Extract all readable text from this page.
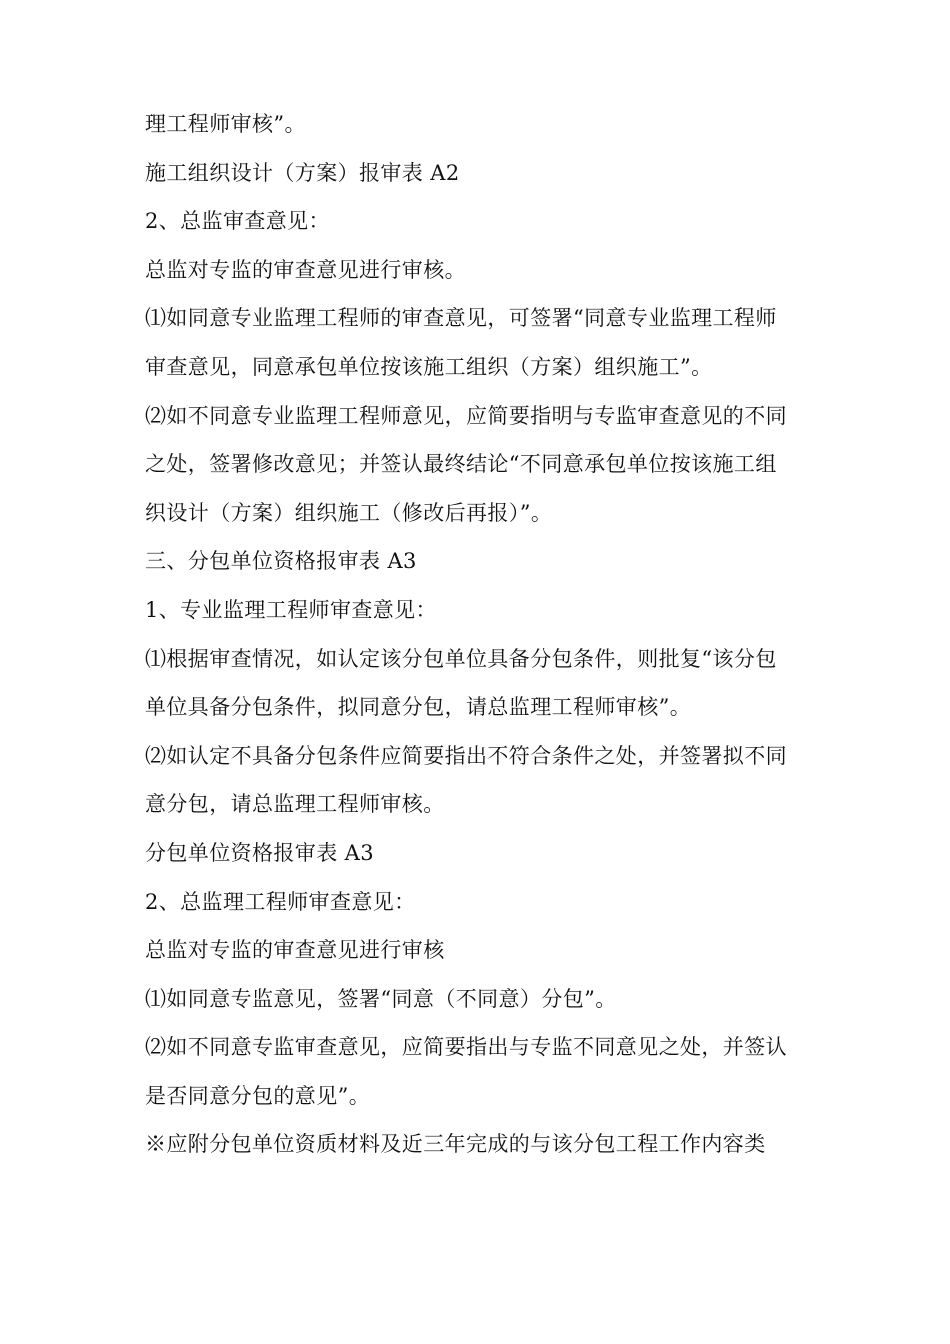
理工程师审核”。
施工组织设计（方案）报审表 A2
2、总监审查意见：
总监对专监的审查意见进行审核。
⑴如同意专业监理工程师的审查意见，可签署“同意专业监理工程师
审查意见，同意承包单位按该施工组织（方案）组织施工”。
⑵如不同意专业监理工程师意见，应简要指明与专监审查意见的不同
之处，签署修改意见；并签认最终结论“不同意承包单位按该施工组
织设计（方案）组织施工（修改后再报）”。
三、分包单位资格报审表 A3
1、专业监理工程师审查意见：
⑴根据审查情况，如认定该分包单位具备分包条件，则批复“该分包
单位具备分包条件，拟同意分包，请总监理工程师审核”。
⑵如认定不具备分包条件应简要指出不符合条件之处，并签署拟不同
意分包，请总监理工程师审核。
分包单位资格报审表 A3
2、总监理工程师审查意见：
总监对专监的审查意见进行审核
⑴如同意专监意见，签署“同意（不同意）分包”。
⑵如不同意专监审查意见，应简要指出与专监不同意见之处，并签认
是否同意分包的意见”。
※应附分包单位资质材料及近三年完成的与该分包工程工作内容类
